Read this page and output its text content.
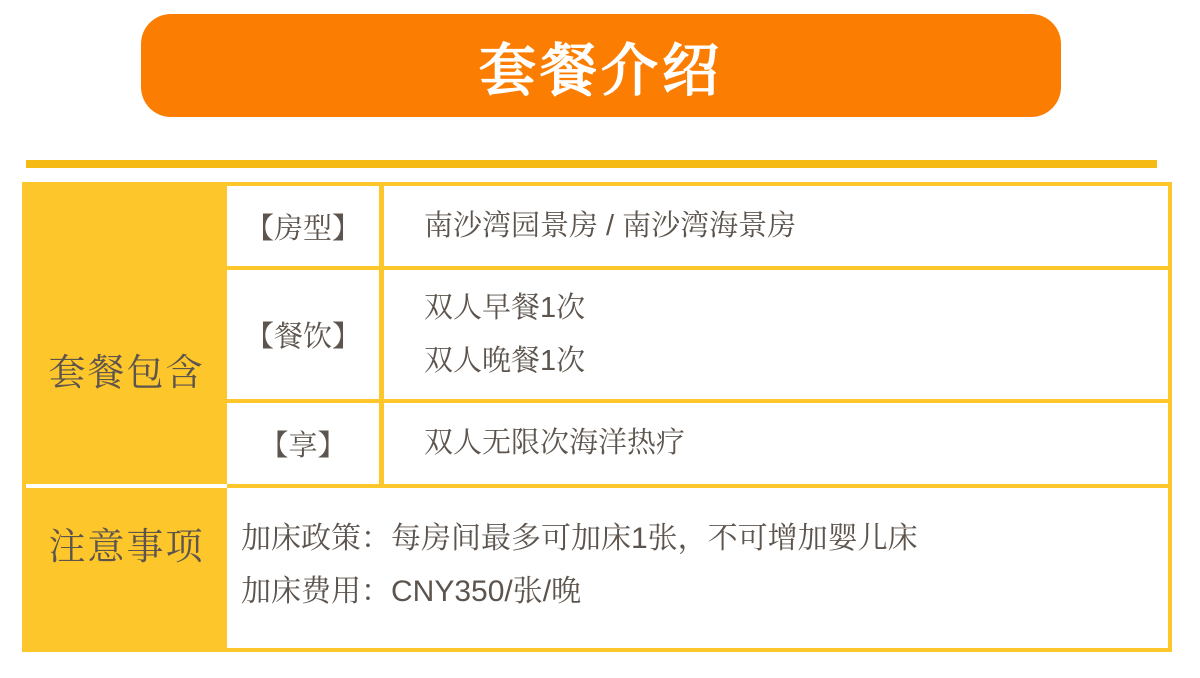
套餐介绍
套餐包含
【房型】 南沙湾园景房 / 南沙湾海景房
【餐饮】
双人早餐1次
双人晚餐1次
【享】	双人无限次海洋热疗
注意事项 加床政策：每房间最多可加床1张，不可增加婴儿床
加床费用：CNY350/张/晚
